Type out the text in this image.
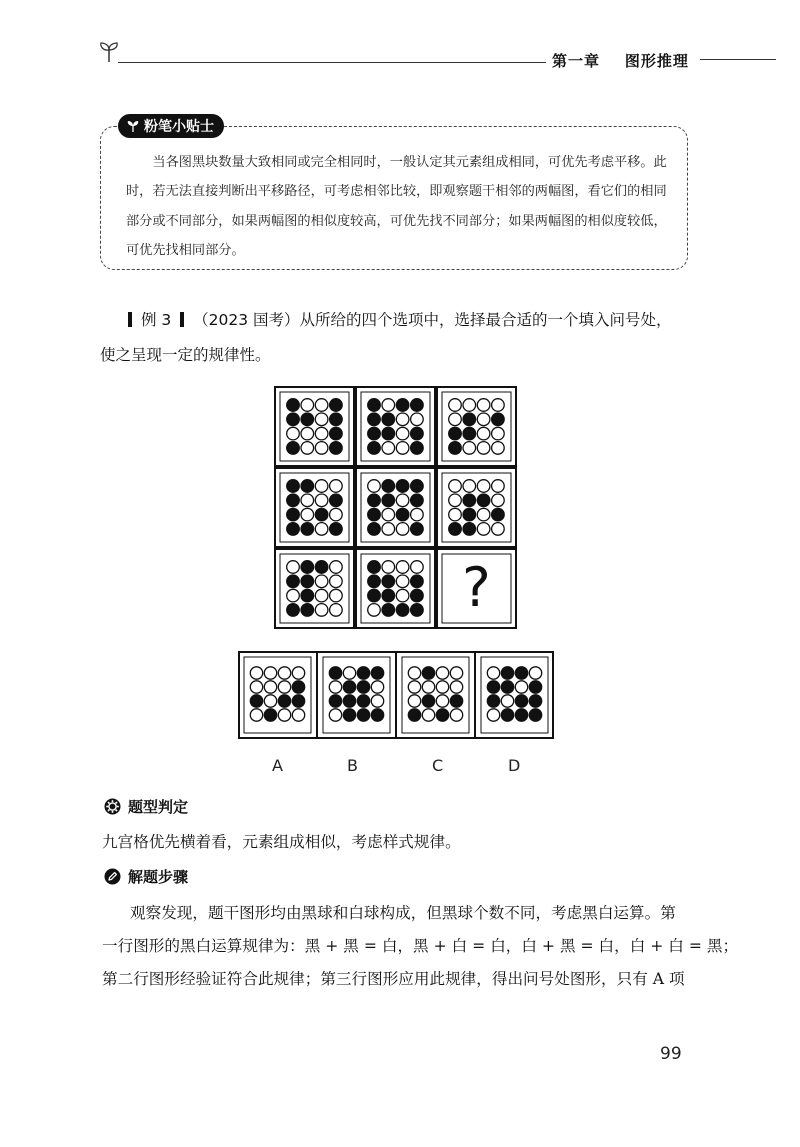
第一章 图形推理
粉笔小贴士
当各图黑块数量大致相同或完全相同时，一般认定其元素组成相同，可优先考虑平移。此时，若无法直接判断出平移路径，可考虑相邻比较，即观察题干相邻的两幅图，看它们的相同部分或不同部分，如果两幅图的相似度较高，可优先找不同部分；如果两幅图的相似度较低，可优先找相同部分。
例 3 （2023 国考）从所给的四个选项中，选择最合适的一个填入问号处，
使之呈现一定的规律性。
?
A	B	C	D
题型判定
九宫格优先横着看，元素组成相似，考虑样式规律。
解题步骤
观察发现，题干图形均由黑球和白球构成，但黑球个数不同，考虑黑白运算。第
一行图形的黑白运算规律为：黑 + 黑 = 白，黑 + 白 = 白，白 + 黑 = 白，白 + 白 = 黑；
第二行图形经验证符合此规律；第三行图形应用此规律，得出问号处图形，只有 A 项
99
